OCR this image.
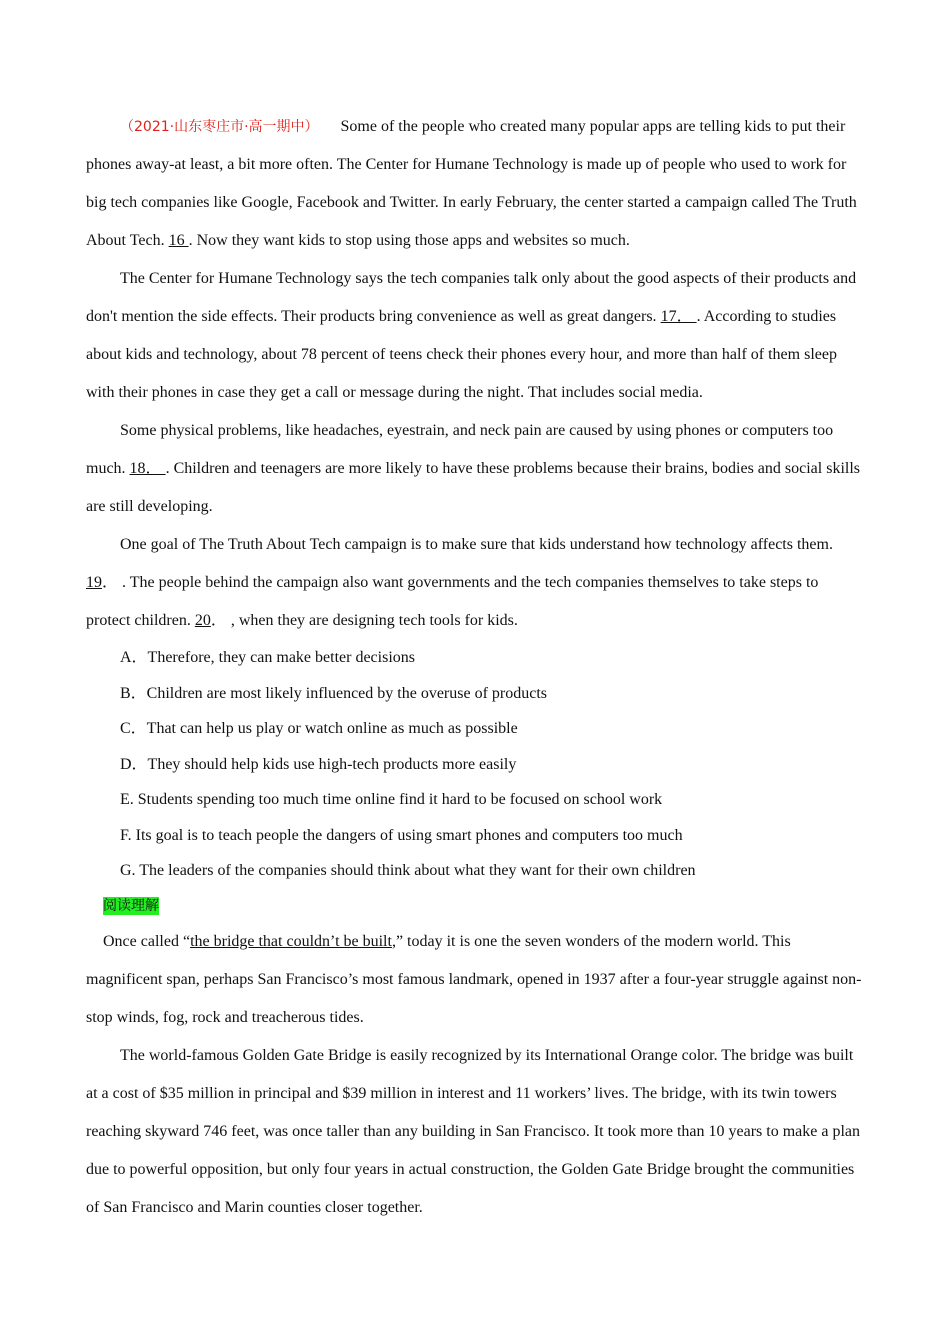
（2021·山东枣庄市·高一期中） Some of the people who created many popular apps are telling kids to put their phones away-at least, a bit more often. The Center for Humane Technology is made up of people who used to work for big tech companies like Google, Facebook and Twitter. In early February, the center started a campaign called The Truth About Tech. 16 . Now they want kids to stop using those apps and websites so much.

The Center for Humane Technology says the tech companies talk only about the good aspects of their products and don't mention the side effects. Their products bring convenience as well as great dangers. 17． . According to studies about kids and technology, about 78 percent of teens check their phones every hour, and more than half of them sleep with their phones in case they get a call or message during the night. That includes social media.

Some physical problems, like headaches, eyestrain, and neck pain are caused by using phones or computers too much. 18． . Children and teenagers are more likely to have these problems because their brains, bodies and social skills are still developing.

One goal of The Truth About Tech campaign is to make sure that kids understand how technology affects them. 19． . The people behind the campaign also want governments and the tech companies themselves to take steps to protect children. 20． , when they are designing tech tools for kids.

A．Therefore, they can make better decisions

B．Children are most likely influenced by the overuse of products

C．That can help us play or watch online as much as possible

D．They should help kids use high-tech products more easily

E. Students spending too much time online find it hard to be focused on school work

F. Its goal is to teach people the dangers of using smart phones and computers too much

G. The leaders of the companies should think about what they want for their own children

阅读理解

Once called “the bridge that couldn’t be built,” today it is one the seven wonders of the modern world. This magnificent span, perhaps San Francisco’s most famous landmark, opened in 1937 after a four-year struggle against non-stop winds, fog, rock and treacherous tides.

The world-famous Golden Gate Bridge is easily recognized by its International Orange color. The bridge was built at a cost of $35 million in principal and $39 million in interest and 11 workers’ lives. The bridge, with its twin towers reaching skyward 746 feet, was once taller than any building in San Francisco. It took more than 10 years to make a plan due to powerful opposition, but only four years in actual construction, the Golden Gate Bridge brought the communities of San Francisco and Marin counties closer together.
